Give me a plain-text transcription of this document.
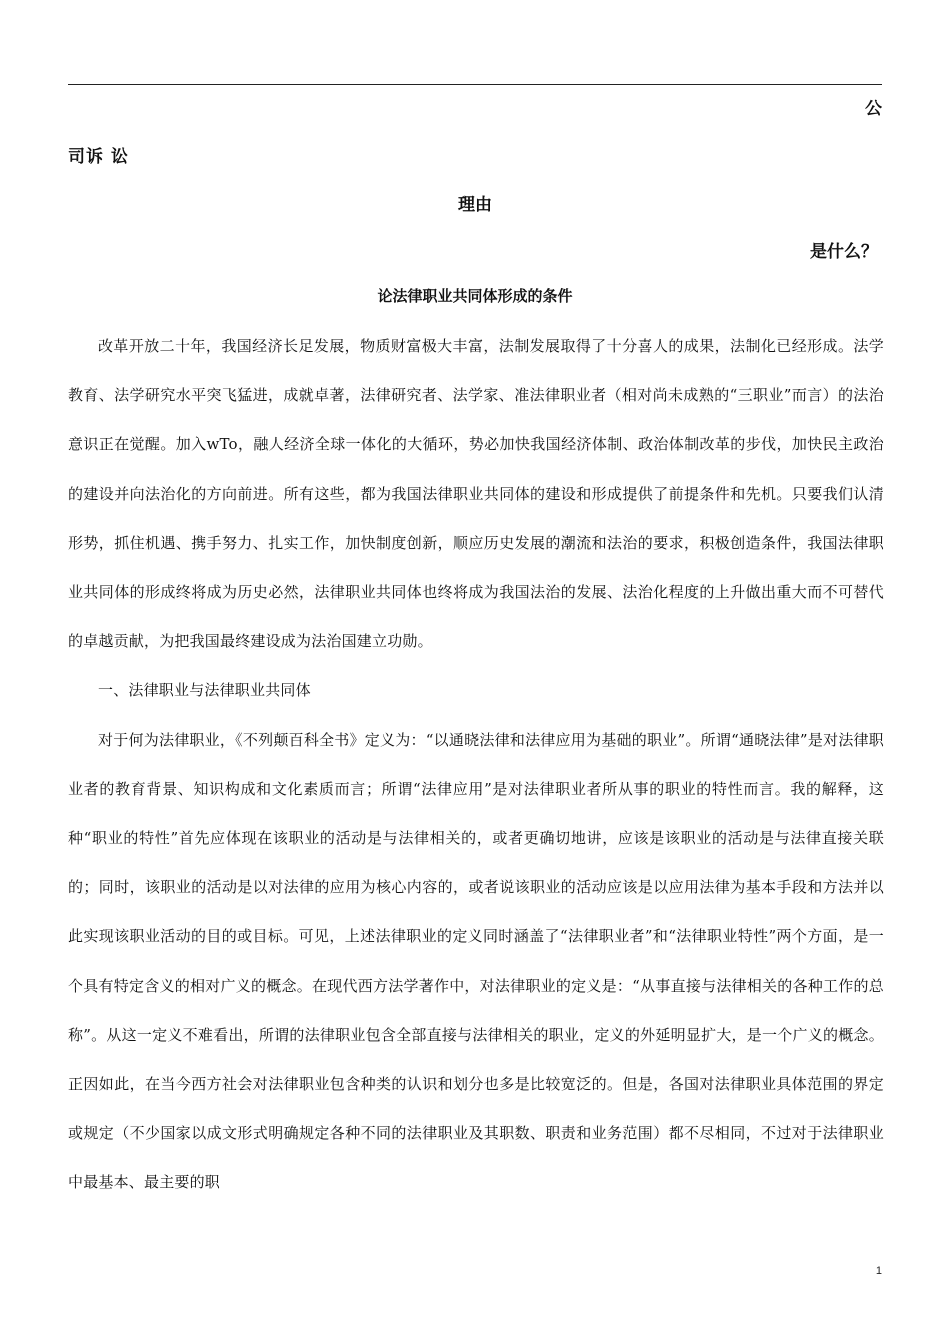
公
司诉 讼
理由
是什么？
论法律职业共同体形成的条件

改革开放二十年，我国经济长足发展，物质财富极大丰富，法制发展取得了十分喜人的成果，法制化已经形成。法学教育、法学研究水平突飞猛进，成就卓著，法律研究者、法学家、准法律职业者（相对尚未成熟的“三职业”而言）的法治意识正在觉醒。加入wTo，融人经济全球一体化的大循环，势必加快我国经济体制、政治体制改革的步伐，加快民主政治的建设并向法治化的方向前进。所有这些，都为我国法律职业共同体的建设和形成提供了前提条件和先机。只要我们认清形势，抓住机遇、携手努力、扎实工作，加快制度创新，顺应历史发展的潮流和法治的要求，积极创造条件，我国法律职业共同体的形成终将成为历史必然，法律职业共同体也终将成为我国法治的发展、法治化程度的上升做出重大而不可替代的卓越贡献，为把我国最终建设成为法治国建立功勋。

一、法律职业与法律职业共同体

对于何为法律职业，《不列颠百科全书》定义为：“以通晓法律和法律应用为基础的职业”。所谓“通晓法律”是对法律职业者的教育背景、知识构成和文化素质而言；所谓“法律应用”是对法律职业者所从事的职业的特性而言。我的解释，这种“职业的特性”首先应体现在该职业的活动是与法律相关的，或者更确切地讲，应该是该职业的活动是与法律直接关联的；同时，该职业的活动是以对法律的应用为核心内容的，或者说该职业的活动应该是以应用法律为基本手段和方法并以此实现该职业活动的目的或目标。可见，上述法律职业的定义同时涵盖了“法律职业者”和“法律职业特性”两个方面，是一个具有特定含义的相对广义的概念。在现代西方法学著作中，对法律职业的定义是：“从事直接与法律相关的各种工作的总称”。从这一定义不难看出，所谓的法律职业包含全部直接与法律相关的职业，定义的外延明显扩大，是一个广义的概念。正因如此，在当今西方社会对法律职业包含种类的认识和划分也多是比较宽泛的。但是，各国对法律职业具体范围的界定或规定（不少国家以成文形式明确规定各种不同的法律职业及其职数、职责和业务范围）都不尽相同，不过对于法律职业中最基本、最主要的职

1
